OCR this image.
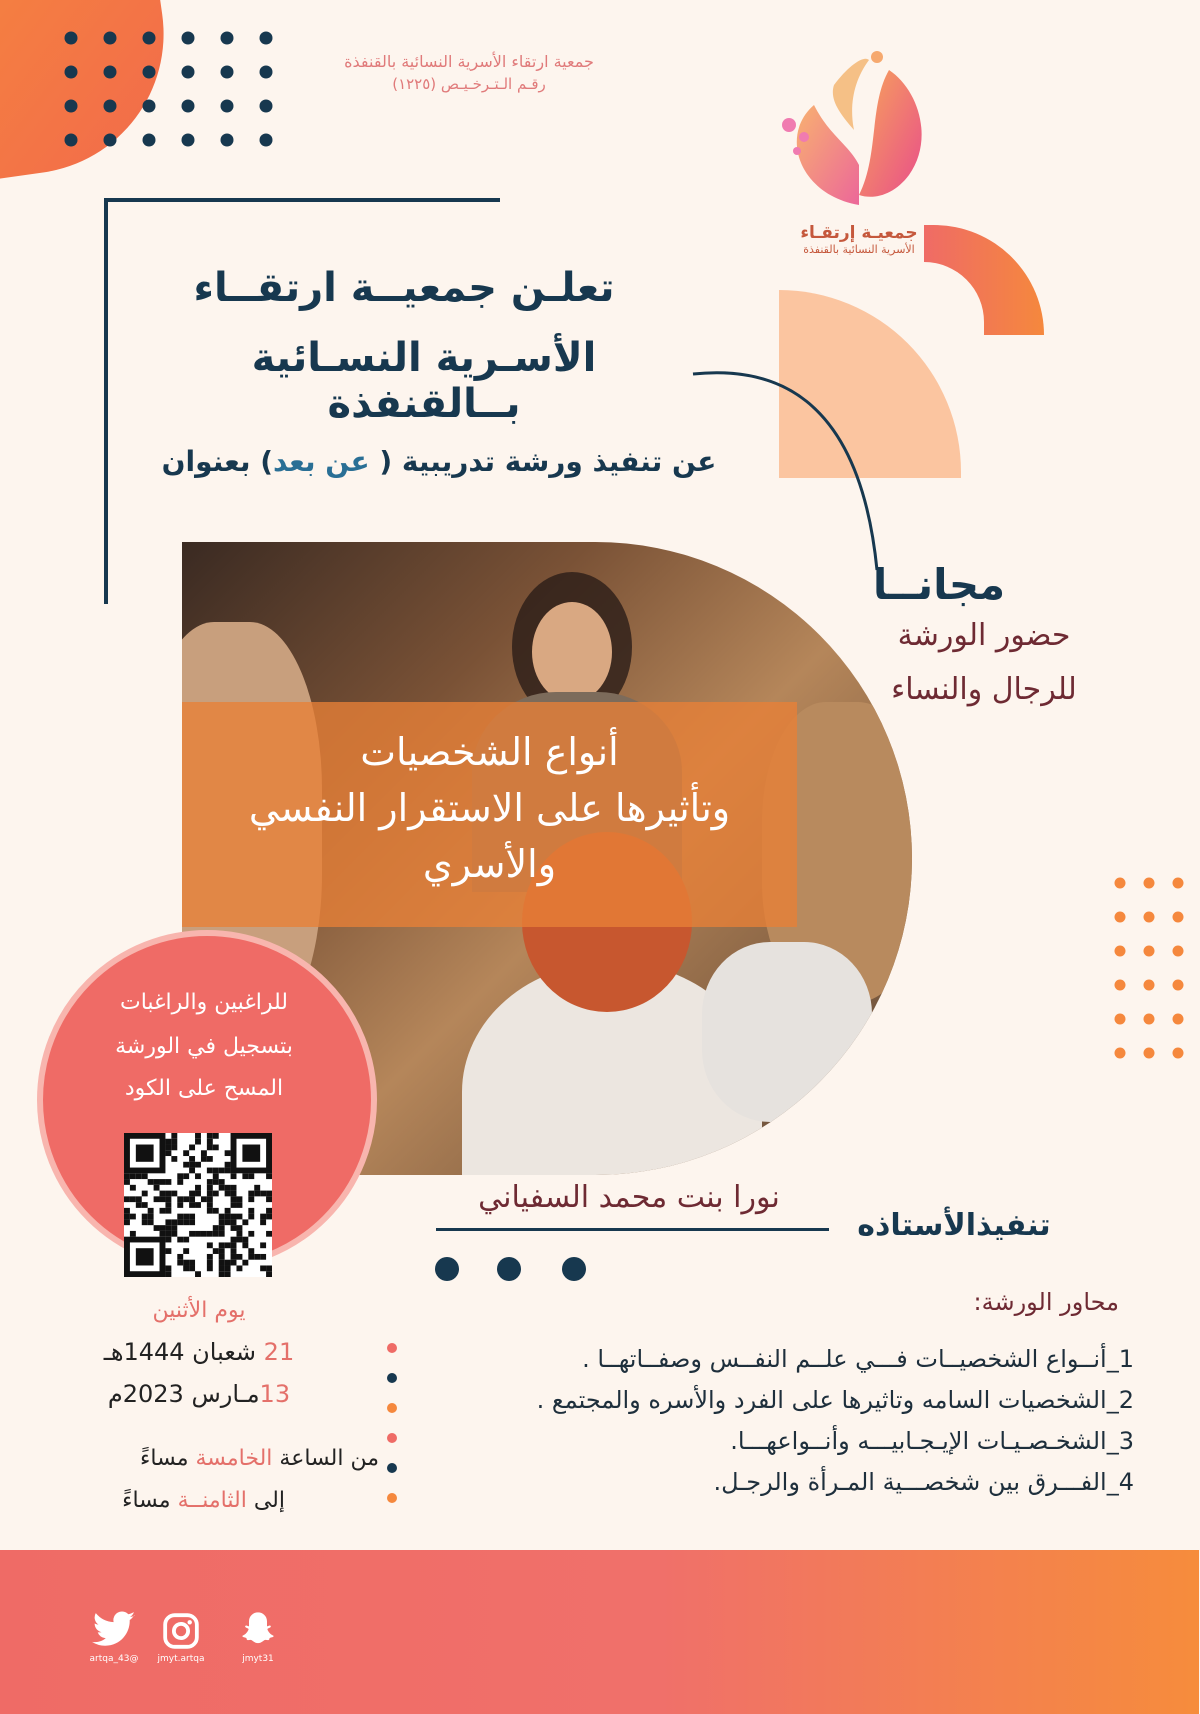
جمعية ارتقاء الأسرية النسائية بالقنفذة
رقـم الـتـرخـيـص (١٢٢٥)
جمعيـة إرتقـاء
الأسرية النسائية بالقنفذة
تعلـن جمعيــة ارتقــاء
الأسـرية النسـائية بــالقنفذة
عن تنفيذ ورشة تدريبية ( عن بعد) بعنوان
مجانــا
حضور الورشة
للرجال والنساء
أنواع الشخصيات
وتأثيرها على الاستقرار النفسي
والأسري
للراغبين والراغبات
بتسجيل في الورشة
المسح على الكود
تنفيذالأستاذه
نورا بنت محمد السفياني
يوم الأثنين
21 شعبان 1444هـ
13مـارس 2023م
من الساعة الخامسة مساءً
إلى الثامنــة مساءً
محاور الورشة:
1_أنــواع الشخصيــات فـــي علــم النفــس وصفــاتهــا .
2_الشخصيات السامه وتاثيرها على الفرد والأسره والمجتمع .
3_الشخـصـيـات الإيـجـابيـــه وأنــواعهـــا.
4_الفـــرق بين شخصـــية المـرأة والرجـل.
@artqa_43	jmyt.artqa	jmyt31
